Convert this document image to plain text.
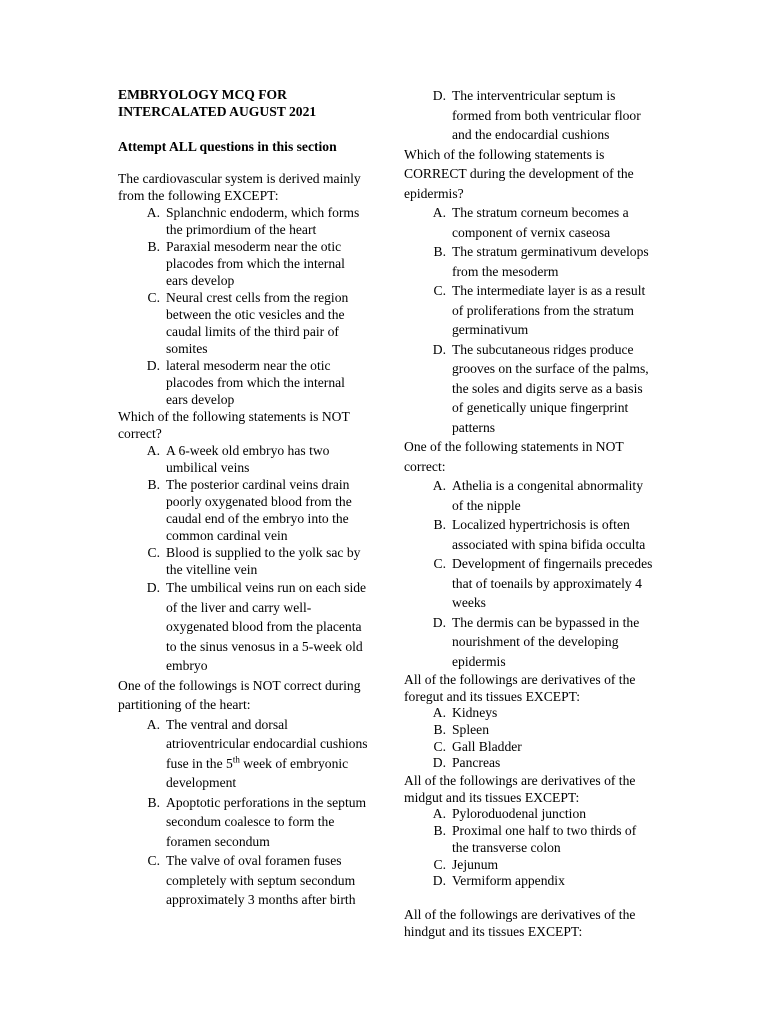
EMBRYOLOGY MCQ FOR
INTERCALATED AUGUST 2021

Attempt ALL questions in this section

The cardiovascular system is derived mainly from the following EXCEPT:

A. Splanchnic endoderm, which forms the primordium of the heart
B. Paraxial mesoderm near the otic placodes from which the internal ears develop
C. Neural crest cells from the region between the otic vesicles and the caudal limits of the third pair of somites
D. lateral mesoderm near the otic placodes from which the internal ears develop

Which of the following statements is NOT correct?

A. A 6-week old embryo has two umbilical veins
B. The posterior cardinal veins drain poorly oxygenated blood from the caudal end of the embryo into the common cardinal vein
C. Blood is supplied to the yolk sac by the vitelline vein
D. The umbilical veins run on each side of the liver and carry well-oxygenated blood from the placenta to the sinus venosus in a 5-week old embryo

One of the followings is NOT correct during partitioning of the heart:

A. The ventral and dorsal atrioventricular endocardial cushions fuse in the 5th week of embryonic development
B. Apoptotic perforations in the septum secondum coalesce to form the foramen secondum
C. The valve of oval foramen fuses completely with septum secondum approximately 3 months after birth
D. The interventricular septum is formed from both ventricular floor and the endocardial cushions

Which of the following statements is CORRECT during the development of the epidermis?

A. The stratum corneum becomes a component of vernix caseosa
B. The stratum germinativum develops from the mesoderm
C. The intermediate layer is as a result of proliferations from the stratum germinativum
D. The subcutaneous ridges produce grooves on the surface of the palms, the soles and digits serve as a basis of genetically unique fingerprint patterns

One of the following statements in NOT correct:

A. Athelia is a congenital abnormality of the nipple
B. Localized hypertrichosis is often associated with spina bifida occulta
C. Development of fingernails precedes that of toenails by approximately 4 weeks
D. The dermis can be bypassed in the nourishment of the developing epidermis

All of the followings are derivatives of the foregut and its tissues EXCEPT:

A. Kidneys
B. Spleen
C. Gall Bladder
D. Pancreas

All of the followings are derivatives of the midgut and its tissues EXCEPT:

A. Pyloroduodenal junction
B. Proximal one half to two thirds of the transverse colon
C. Jejunum
D. Vermiform appendix

All of the followings are derivatives of the hindgut and its tissues EXCEPT:
